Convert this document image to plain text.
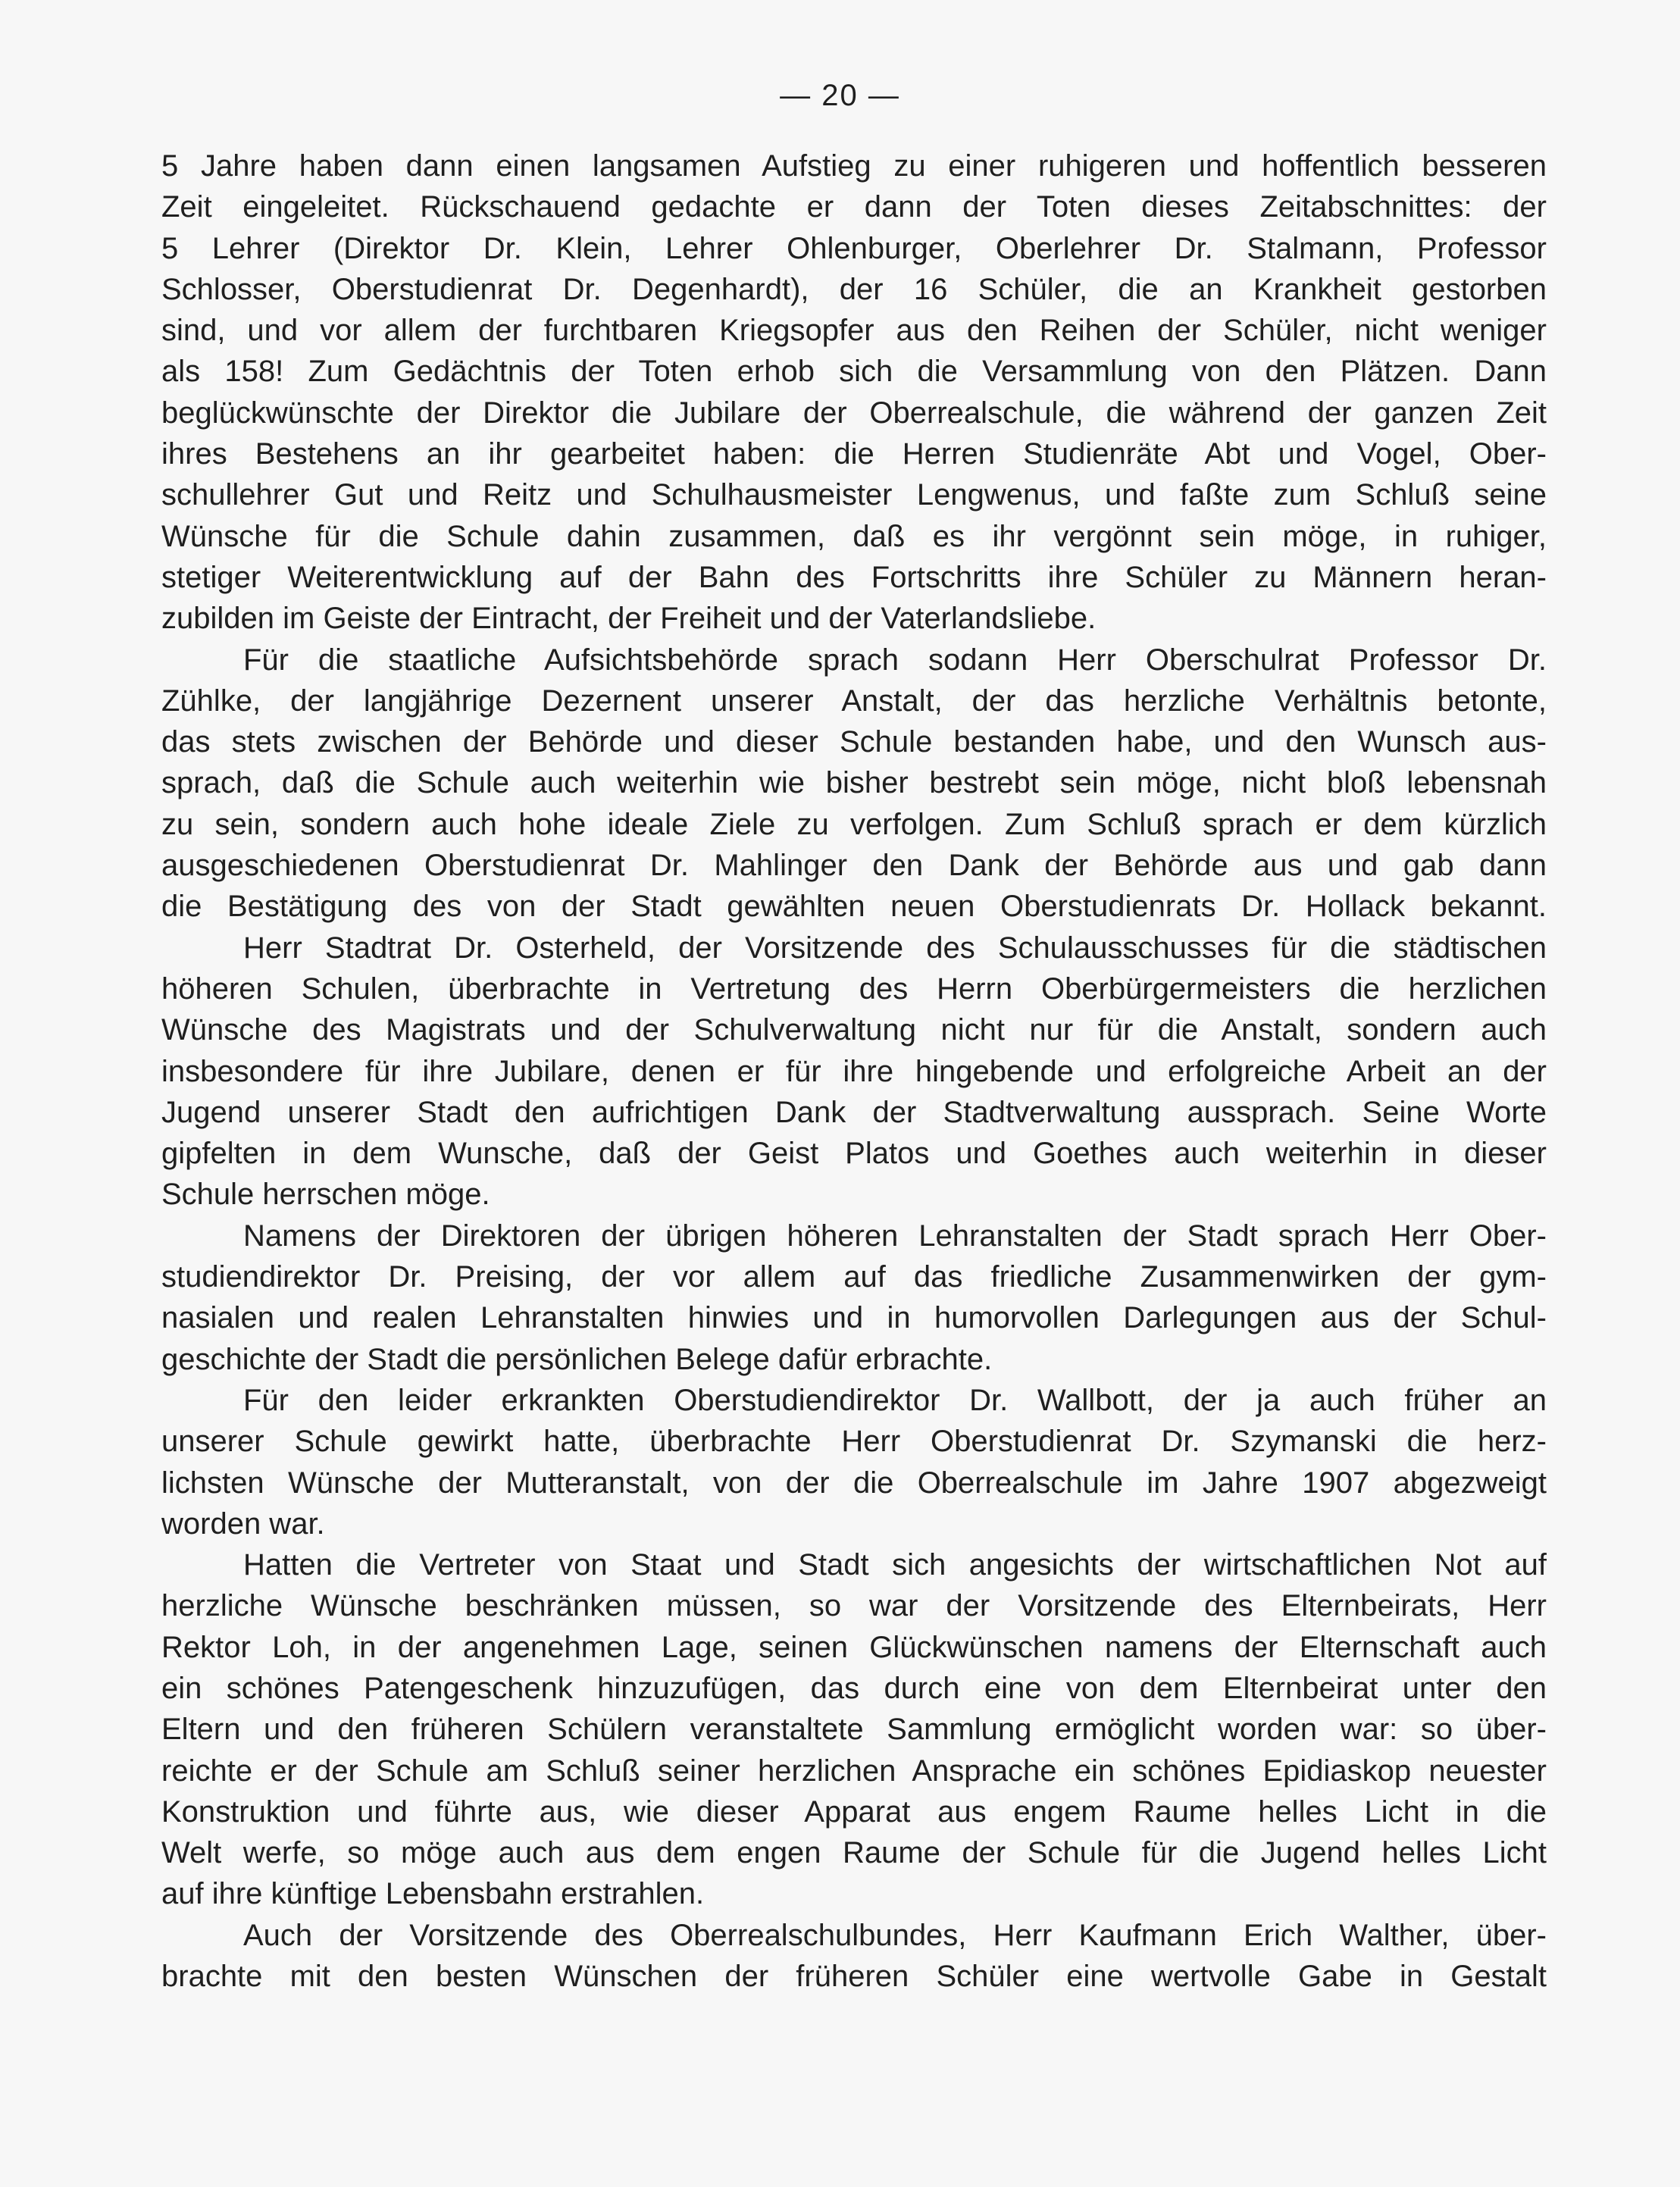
— 20 —
5 Jahre haben dann einen langsamen Aufstieg zu einer ruhigeren und hoffentlich besseren
Zeit eingeleitet. Rückschauend gedachte er dann der Toten dieses Zeitabschnittes: der
5 Lehrer (Direktor Dr. Klein, Lehrer Ohlenburger, Oberlehrer Dr. Stalmann, Professor
Schlosser, Oberstudienrat Dr. Degenhardt), der 16 Schüler, die an Krankheit gestorben
sind, und vor allem der furchtbaren Kriegsopfer aus den Reihen der Schüler, nicht weniger
als 158! Zum Gedächtnis der Toten erhob sich die Versammlung von den Plätzen. Dann
beglückwünschte der Direktor die Jubilare der Oberrealschule, die während der ganzen Zeit
ihres Bestehens an ihr gearbeitet haben: die Herren Studienräte Abt und Vogel, Ober-
schullehrer Gut und Reitz und Schulhausmeister Lengwenus, und faßte zum Schluß seine
Wünsche für die Schule dahin zusammen, daß es ihr vergönnt sein möge, in ruhiger,
stetiger Weiterentwicklung auf der Bahn des Fortschritts ihre Schüler zu Männern heran-
zubilden im Geiste der Eintracht, der Freiheit und der Vaterlandsliebe.
Für die staatliche Aufsichtsbehörde sprach sodann Herr Oberschulrat Professor Dr.
Zühlke, der langjährige Dezernent unserer Anstalt, der das herzliche Verhältnis betonte,
das stets zwischen der Behörde und dieser Schule bestanden habe, und den Wunsch aus-
sprach, daß die Schule auch weiterhin wie bisher bestrebt sein möge, nicht bloß lebensnah
zu sein, sondern auch hohe ideale Ziele zu verfolgen. Zum Schluß sprach er dem kürzlich
ausgeschiedenen Oberstudienrat Dr. Mahlinger den Dank der Behörde aus und gab dann
die Bestätigung des von der Stadt gewählten neuen Oberstudienrats Dr. Hollack bekannt.
Herr Stadtrat Dr. Osterheld, der Vorsitzende des Schulausschusses für die städtischen
höheren Schulen, überbrachte in Vertretung des Herrn Oberbürgermeisters die herzlichen
Wünsche des Magistrats und der Schulverwaltung nicht nur für die Anstalt, sondern auch
insbesondere für ihre Jubilare, denen er für ihre hingebende und erfolgreiche Arbeit an der
Jugend unserer Stadt den aufrichtigen Dank der Stadtverwaltung aussprach. Seine Worte
gipfelten in dem Wunsche, daß der Geist Platos und Goethes auch weiterhin in dieser
Schule herrschen möge.
Namens der Direktoren der übrigen höheren Lehranstalten der Stadt sprach Herr Ober-
studiendirektor Dr. Preising, der vor allem auf das friedliche Zusammenwirken der gym-
nasialen und realen Lehranstalten hinwies und in humorvollen Darlegungen aus der Schul-
geschichte der Stadt die persönlichen Belege dafür erbrachte.
Für den leider erkrankten Oberstudiendirektor Dr. Wallbott, der ja auch früher an
unserer Schule gewirkt hatte, überbrachte Herr Oberstudienrat Dr. Szymanski die herz-
lichsten Wünsche der Mutteranstalt, von der die Oberrealschule im Jahre 1907 abgezweigt
worden war.
Hatten die Vertreter von Staat und Stadt sich angesichts der wirtschaftlichen Not auf
herzliche Wünsche beschränken müssen, so war der Vorsitzende des Elternbeirats, Herr
Rektor Loh, in der angenehmen Lage, seinen Glückwünschen namens der Elternschaft auch
ein schönes Patengeschenk hinzuzufügen, das durch eine von dem Elternbeirat unter den
Eltern und den früheren Schülern veranstaltete Sammlung ermöglicht worden war: so über-
reichte er der Schule am Schluß seiner herzlichen Ansprache ein schönes Epidiaskop neuester
Konstruktion und führte aus, wie dieser Apparat aus engem Raume helles Licht in die
Welt werfe, so möge auch aus dem engen Raume der Schule für die Jugend helles Licht
auf ihre künftige Lebensbahn erstrahlen.
Auch der Vorsitzende des Oberrealschulbundes, Herr Kaufmann Erich Walther, über-
brachte mit den besten Wünschen der früheren Schüler eine wertvolle Gabe in Gestalt
